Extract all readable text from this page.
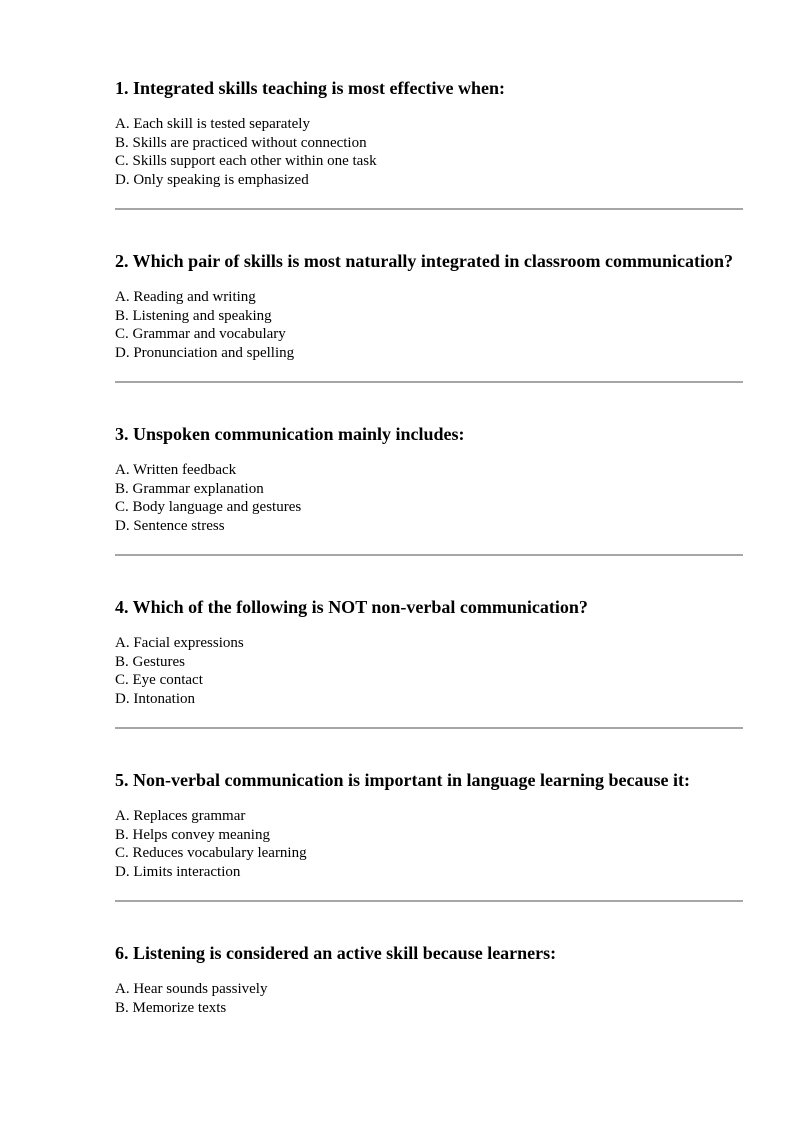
1. Integrated skills teaching is most effective when:
A. Each skill is tested separately
B. Skills are practiced without connection
C. Skills support each other within one task
D. Only speaking is emphasized
2. Which pair of skills is most naturally integrated in classroom communication?
A. Reading and writing
B. Listening and speaking
C. Grammar and vocabulary
D. Pronunciation and spelling
3. Unspoken communication mainly includes:
A. Written feedback
B. Grammar explanation
C. Body language and gestures
D. Sentence stress
4. Which of the following is NOT non-verbal communication?
A. Facial expressions
B. Gestures
C. Eye contact
D. Intonation
5. Non-verbal communication is important in language learning because it:
A. Replaces grammar
B. Helps convey meaning
C. Reduces vocabulary learning
D. Limits interaction
6. Listening is considered an active skill because learners:
A. Hear sounds passively
B. Memorize texts
